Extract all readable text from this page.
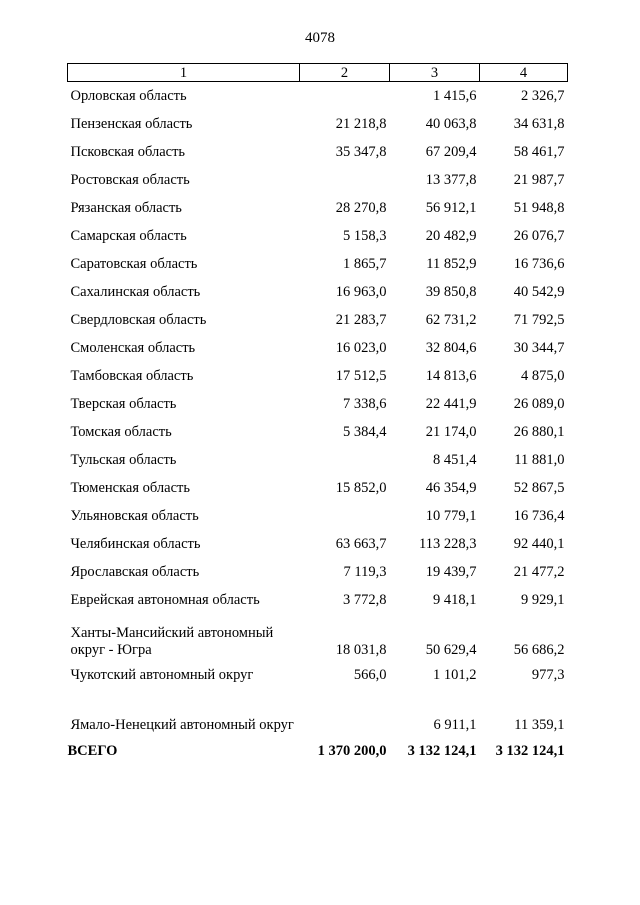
4078
1	2	3	4
Орловская область		1 415,6	2 326,7
Пензенская область	21 218,8	40 063,8	34 631,8
Псковская область	35 347,8	67 209,4	58 461,7
Ростовская область		13 377,8	21 987,7
Рязанская область	28 270,8	56 912,1	51 948,8
Самарская область	5 158,3	20 482,9	26 076,7
Саратовская область	1 865,7	11 852,9	16 736,6
Сахалинская область	16 963,0	39 850,8	40 542,9
Свердловская область	21 283,7	62 731,2	71 792,5
Смоленская область	16 023,0	32 804,6	30 344,7
Тамбовская область	17 512,5	14 813,6	4 875,0
Тверская область	7 338,6	22 441,9	26 089,0
Томская область	5 384,4	21 174,0	26 880,1
Тульская область		8 451,4	11 881,0
Тюменская область	15 852,0	46 354,9	52 867,5
Ульяновская область		10 779,1	16 736,4
Челябинская область	63 663,7	113 228,3	92 440,1
Ярославская область	7 119,3	19 439,7	21 477,2
Еврейская автономная область	3 772,8	9 418,1	9 929,1
Ханты-Мансийский автономный округ - Югра	18 031,8	50 629,4	56 686,2
Чукотский автономный округ	566,0	1 101,2	977,3
Ямало-Ненецкий автономный округ		6 911,1	11 359,1
ВСЕГО	1 370 200,0	3 132 124,1	3 132 124,1
